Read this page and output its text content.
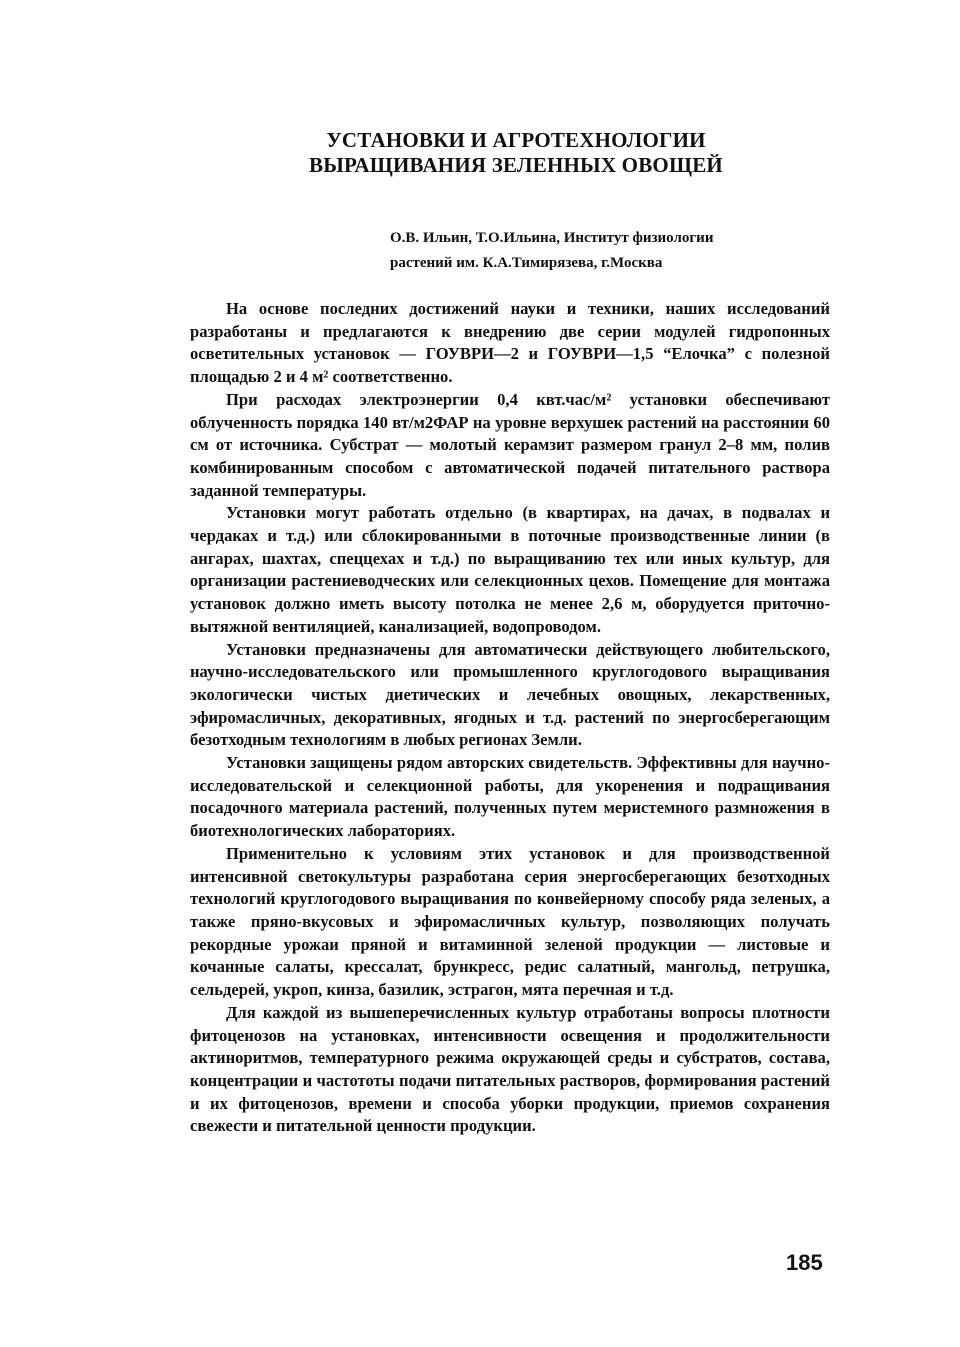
УСТАНОВКИ И АГРОТЕХНОЛОГИИ
ВЫРАЩИВАНИЯ ЗЕЛЕННЫХ ОВОЩЕЙ
О.В. Ильин, Т.О.Ильина, Институт физиологии
растений им. К.А.Тимирязева, г.Москва

На основе последних достижений науки и техники, наших исследований разработаны и предлагаются к внедрению две серии модулей гидропонных осветительных установок — ГОУВРИ—2 и ГОУВРИ—1,5 “Елочка” с полезной площадью 2 и 4 м² соответственно.

При расходах электроэнергии 0,4 квт.час/м² установки обеспечивают облученность порядка 140 вт/м2ФАР на уровне верхушек растений на расстоянии 60 см от источника. Субстрат — молотый керамзит размером гранул 2–8 мм, полив комбинированным способом с автоматической подачей питательного раствора заданной температуры.

Установки могут работать отдельно (в квартирах, на дачах, в подвалах и чердаках и т.д.) или сблокированными в поточные производственные линии (в ангарах, шахтах, спеццехах и т.д.) по выращиванию тех или иных культур, для организации растениеводческих или селекционных цехов. Помещение для монтажа установок должно иметь высоту потолка не менее 2,6 м, оборудуется приточно-вытяжной вентиляцией, канализацией, водопроводом.

Установки предназначены для автоматически действующего любительского, научно-исследовательского или промышленного круглогодового выращивания экологически чистых диетических и лечебных овощных, лекарственных, эфиромасличных, декоративных, ягодных и т.д. растений по энергосберегающим безотходным технологиям в любых регионах Земли.

Установки защищены рядом авторских свидетельств. Эффективны для научно-исследовательской и селекционной работы, для укоренения и подращивания посадочного материала растений, полученных путем меристемного размножения в биотехнологических лабораториях.

Применительно к условиям этих установок и для производственной интенсивной светокультуры разработана серия энергосберегающих безотходных технологий круглогодового выращивания по конвейерному способу ряда зеленых, а также пряно-вкусовых и эфиромасличных культур, позволяющих получать рекордные урожаи пряной и витаминной зеленой продукции — листовые и кочанные салаты, крессалат, брункресс, редис салатный, мангольд, петрушка, сельдерей, укроп, кинза, базилик, эстрагон, мята перечная и т.д.

Для каждой из вышеперечисленных культур отработаны вопросы плотности фитоценозов на установках, интенсивности освещения и продолжительности актиноритмов, температурного режима окружающей среды и субстратов, состава, концентрации и частототы подачи питательных растворов, формирования растений и их фитоценозов, времени и способа уборки продукции, приемов сохранения свежести и питательной ценности продукции.

185
